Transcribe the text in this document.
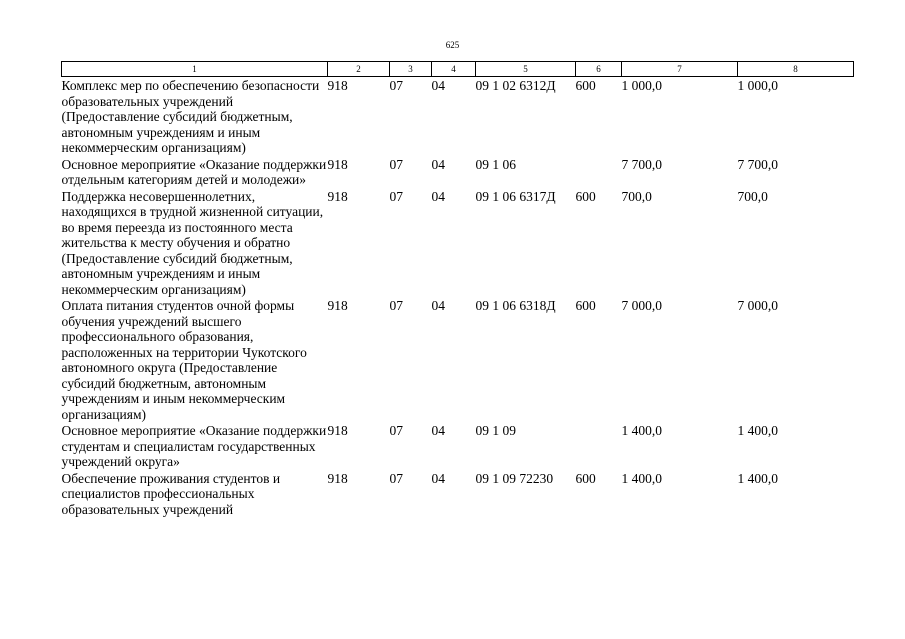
625
1	2	3	4	5	6	7	8
Комплекс мер по обеспечению безопасности образовательных учреждений (Предоставление субсидий бюджетным, автономным учреждениям и иным некоммерческим организациям)	918	07	04	09 1 02 6312Д	600	1 000,0	1 000,0
Основное мероприятие «Оказание поддержки отдельным категориям детей и молодежи»	918	07	04	09 1 06		7 700,0	7 700,0
Поддержка несовершеннолетних, находящихся в трудной жизненной ситуации, во время переезда из постоянного места жительства к месту обучения и обратно (Предоставление субсидий бюджетным, автономным учреждениям и иным некоммерческим организациям)	918	07	04	09 1 06 6317Д	600	700,0	700,0
Оплата питания студентов очной формы обучения учреждений высшего профессионального образования, расположенных на территории Чукотского автономного округа (Предоставление субсидий бюджетным, автономным учреждениям и иным некоммерческим организациям)	918	07	04	09 1 06 6318Д	600	7 000,0	7 000,0
Основное мероприятие «Оказание поддержки студентам и специалистам государственных учреждений округа»	918	07	04	09 1 09		1 400,0	1 400,0
Обеспечение проживания студентов и специалистов профессиональных образовательных учреждений	918	07	04	09 1 09 72230	600	1 400,0	1 400,0
